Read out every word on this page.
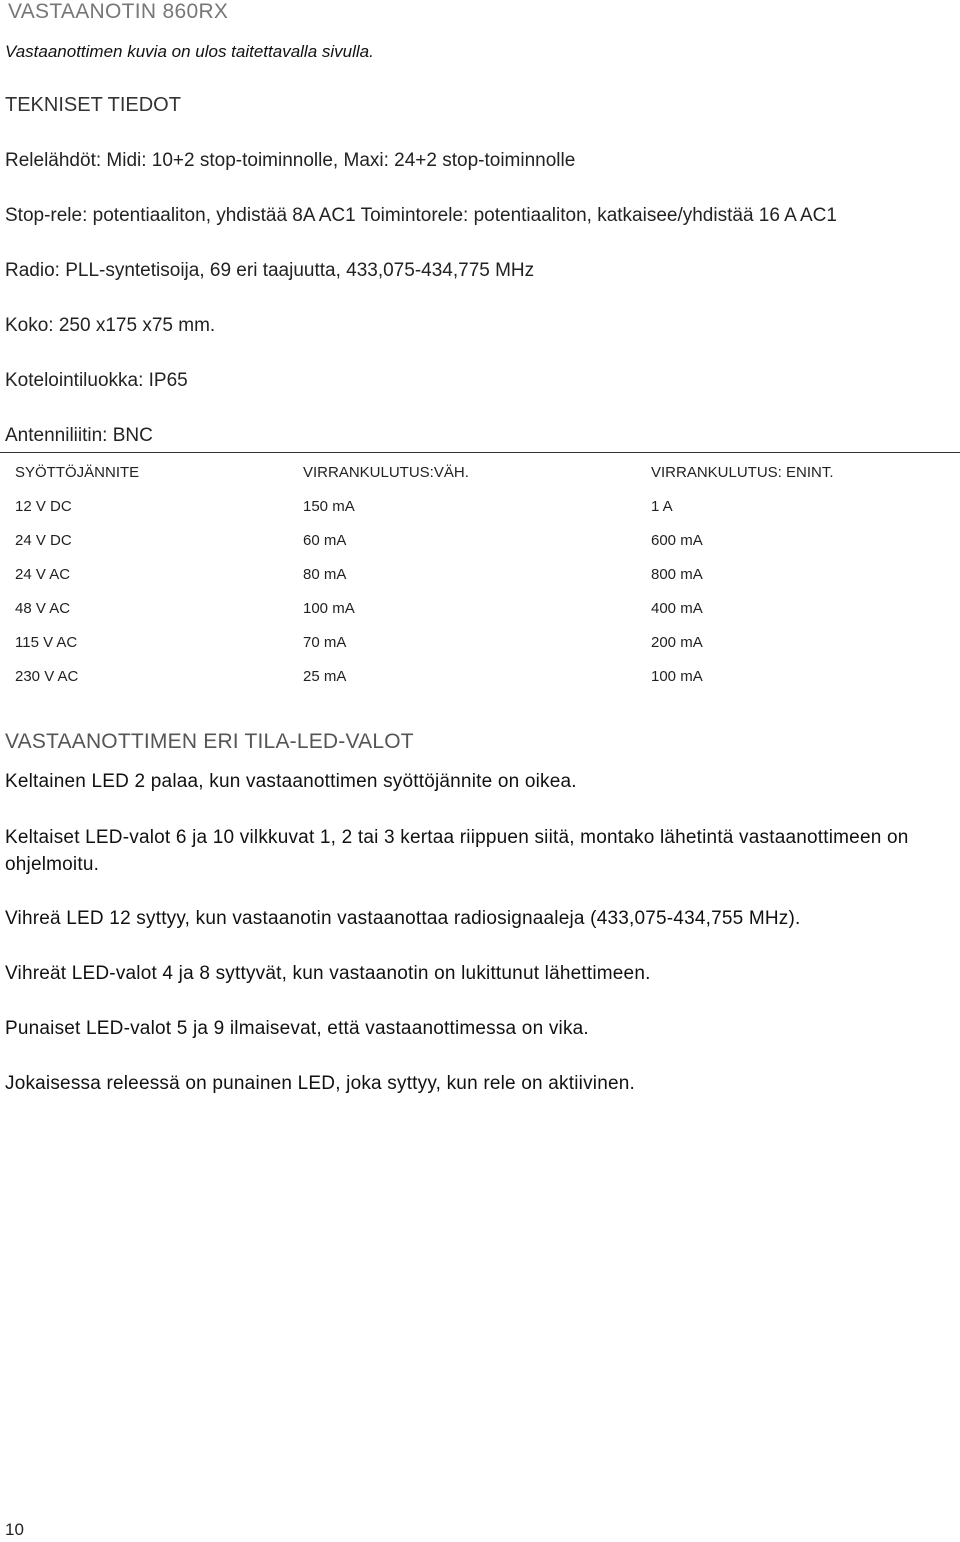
VASTAANOTIN 860RX
Vastaanottimen kuvia on ulos taitettavalla sivulla.
TEKNISET TIEDOT
Relelähdöt: Midi: 10+2 stop-toiminnolle, Maxi: 24+2 stop-toiminnolle
Stop-rele: potentiaaliton, yhdistää 8A AC1 Toimintorele: potentiaaliton, katkaisee/yhdistää 16 A AC1
Radio: PLL-syntetisoija, 69 eri taajuutta, 433,075-434,775 MHz
Koko: 250 x175 x75 mm.
Kotelointiluokka: IP65
Antenniliitin: BNC
SYÖTTÖJÄNNITE	VIRRANKULUTUS:VÄH.	VIRRANKULUTUS: ENINT.
12 V DC	150 mA	1 A
24 V DC	60 mA	600 mA
24 V AC	80 mA	800 mA
48 V AC	100 mA	400 mA
115 V AC	70 mA	200 mA
230 V AC	25 mA	100 mA
VASTAANOTTIMEN ERI TILA-LED-VALOT
Keltainen LED 2 palaa, kun vastaanottimen syöttöjännite on oikea.
Keltaiset LED-valot 6 ja 10 vilkkuvat 1, 2 tai 3 kertaa riippuen siitä, montako lähetintä vastaanottimeen on ohjelmoitu.
Vihreä LED 12 syttyy, kun vastaanotin vastaanottaa radiosignaaleja (433,075-434,755 MHz).
Vihreät LED-valot 4 ja 8 syttyvät, kun vastaanotin on lukittunut lähettimeen.
Punaiset LED-valot 5 ja 9 ilmaisevat, että vastaanottimessa on vika.
Jokaisessa releessä on punainen LED, joka syttyy, kun rele on aktiivinen.
10
